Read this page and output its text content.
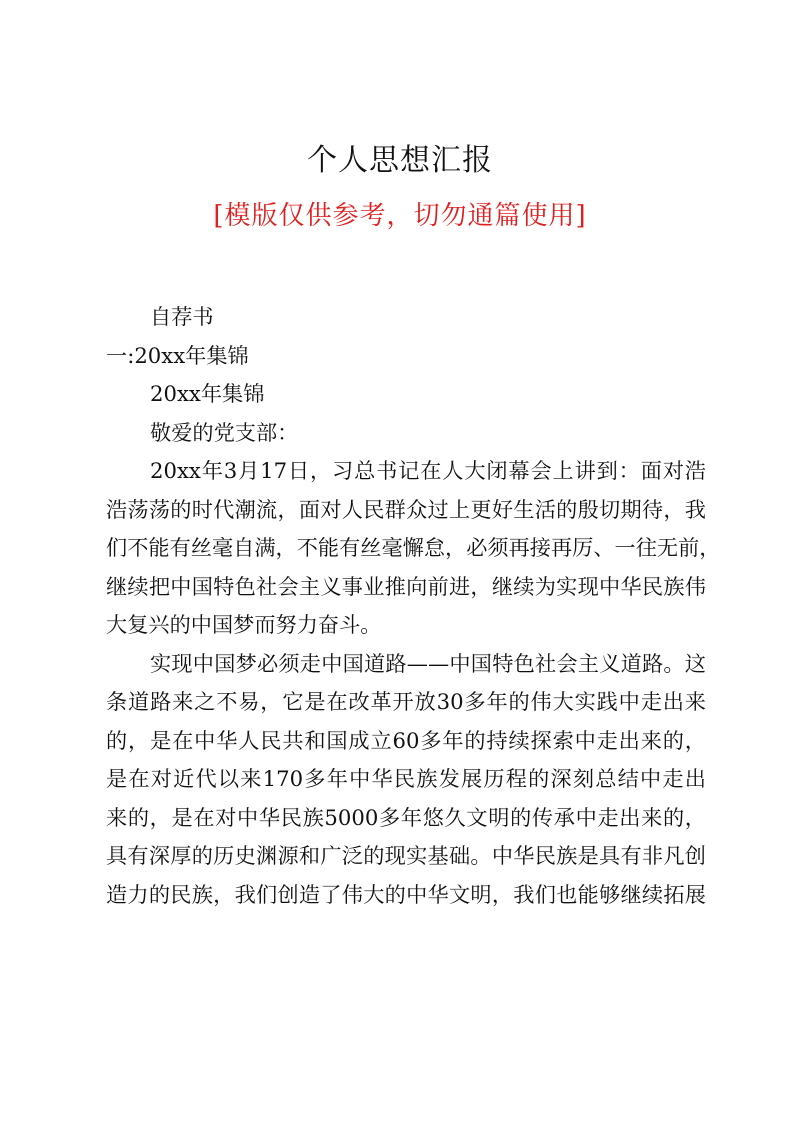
个人思想汇报
[模版仅供参考，切勿通篇使用]
自荐书
一:20xx年集锦
20xx年集锦
敬爱的党支部：
20xx年3月17日，习总书记在人大闭幕会上讲到：面对浩
浩荡荡的时代潮流，面对人民群众过上更好生活的殷切期待，我
们不能有丝毫自满，不能有丝毫懈怠，必须再接再厉、一往无前，
继续把中国特色社会主义事业推向前进，继续为实现中华民族伟
大复兴的中国梦而努力奋斗。
实现中国梦必须走中国道路——中国特色社会主义道路。这
条道路来之不易，它是在改革开放30多年的伟大实践中走出来
的，是在中华人民共和国成立60多年的持续探索中走出来的，
是在对近代以来170多年中华民族发展历程的深刻总结中走出
来的，是在对中华民族5000多年悠久文明的传承中走出来的，
具有深厚的历史渊源和广泛的现实基础。中华民族是具有非凡创
造力的民族，我们创造了伟大的中华文明，我们也能够继续拓展
